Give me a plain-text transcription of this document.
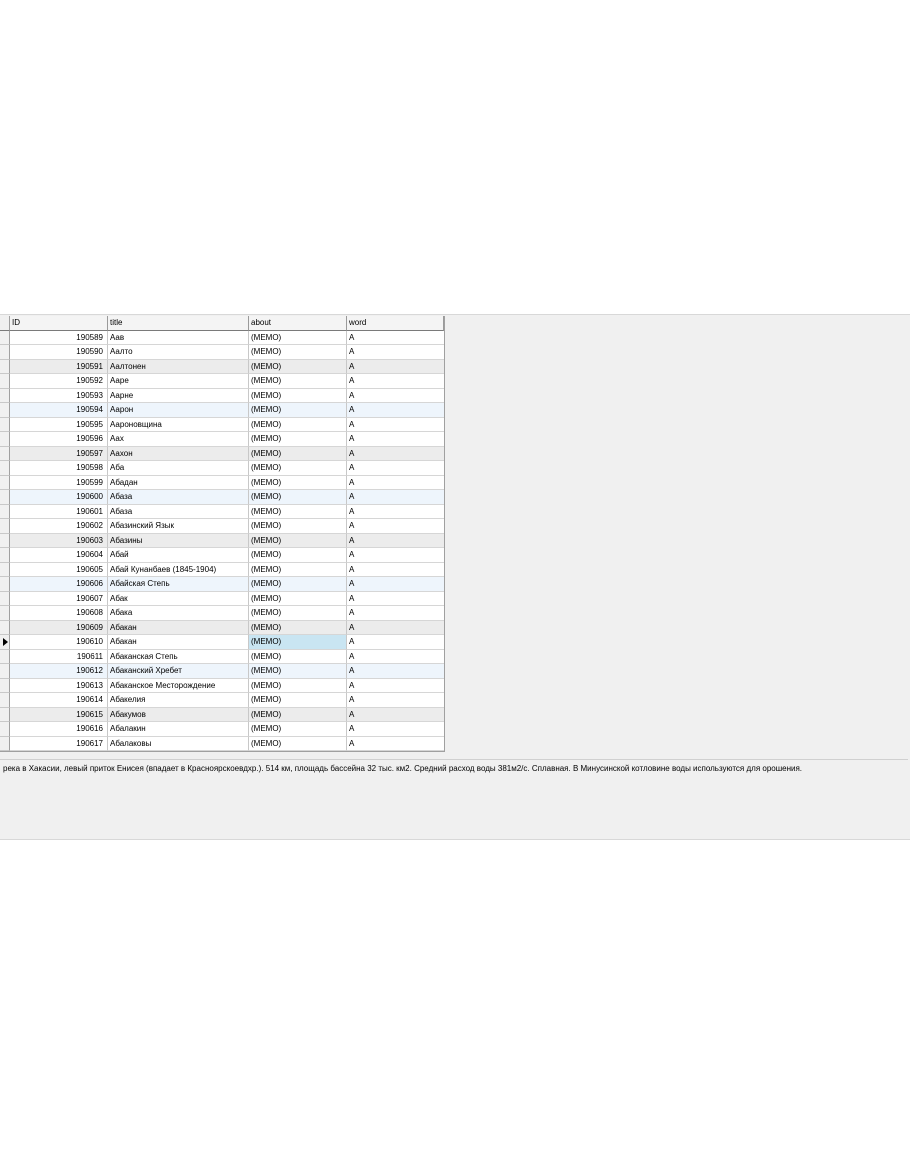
ID	title	about	word
190589 Аав	(MEMO)	А
190590 Аалто	(MEMO)	А
190591 Аалтонен	(MEMO)	А
190592 Ааре	(MEMO)	А
190593 Аарне	(MEMO)	А
190594 Аарон	(MEMO)	А
190595 Аароновщина	(MEMO)	А
190596 Аах	(MEMO)	А
190597 Аахон	(MEMO)	А
190598 Аба	(MEMO)	А
190599 Абадан	(MEMO)	А
190600 Абаза	(MEMO)	А
190601 Абаза	(MEMO)	А
190602 Абазинский Язык	(MEMO)	А
190603 Абазины	(MEMO)	А
190604 Абай	(MEMO)	А
190605 Абай Кунанбаев (1845-1904)	(MEMO)	А
190606 Абайская Степь	(MEMO)	А
190607 Абак	(MEMO)	А
190608 Абака	(MEMO)	А
190609 Абакан	(MEMO)	А
190610 Абакан	(MEMO)	А
190611 Абаканская Степь	(MEMO)	А
190612 Абаканский Хребет	(MEMO)	А
190613 Абаканское Месторождение	(MEMO)	А
190614 Абакелия	(MEMO)	А
190615 Абакумов	(MEMO)	А
190616 Абалакин	(MEMO)	А
190617 Абалаковы	(MEMO)	А
река в Хакасии, левый приток Енисея (впадает в Красноярскоевдхр.). 514 км, площадь бассейна 32 тыс. км2. Средний расход воды 381м2/с. Сплавная. В Минусинской котловине воды используются для орошения.
